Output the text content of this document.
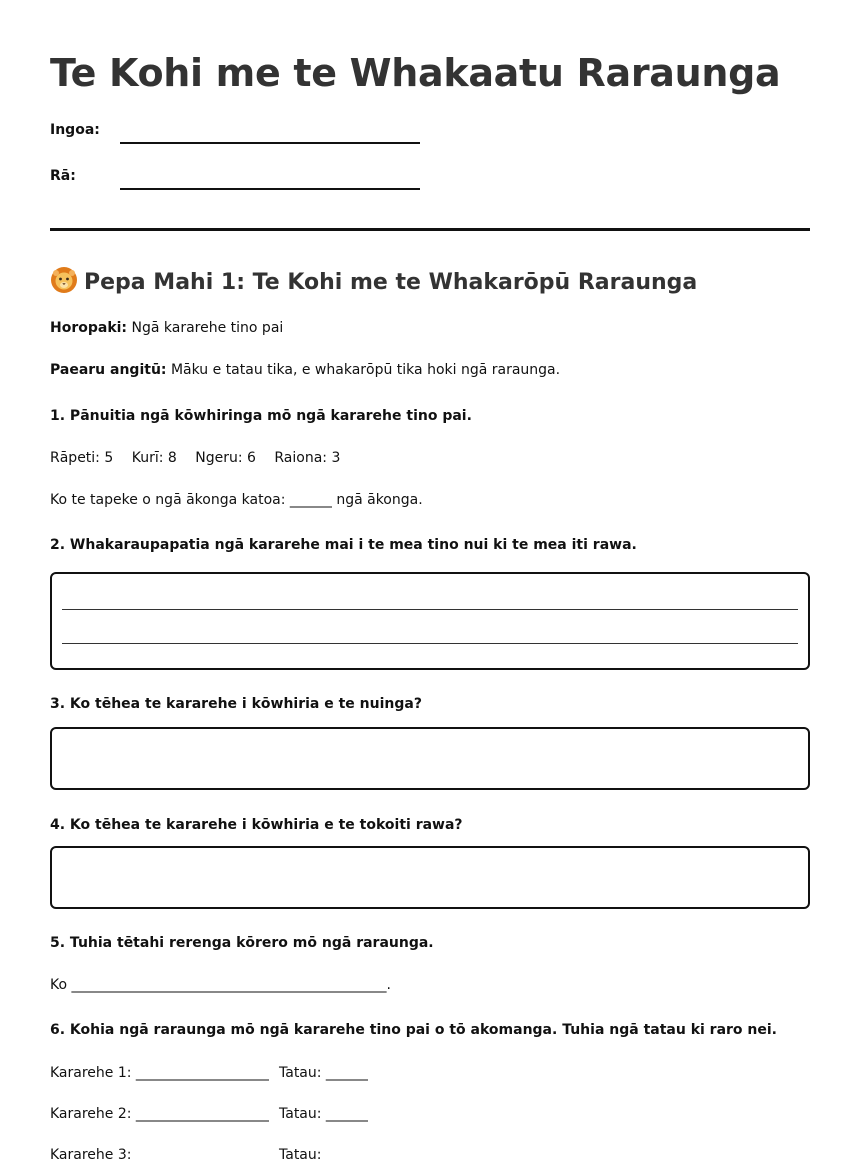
Te Kohi me te Whakaatu Raraunga
Ingoa:
Rā:
Pepa Mahi 1: Te Kohi me te Whakarōpū Raraunga
Horopaki: Ngā kararehe tino pai
Paearu angitū: Māku e tatau tika, e whakarōpū tika hoki ngā raraunga.
1. Pānuitia ngā kōwhiringa mō ngā kararehe tino pai.
Rāpeti: 5 Kurī: 8 Ngeru: 6 Raiona: 3
Ko te tapeke o ngā ākonga katoa: ______ ngā ākonga.
2. Whakaraupapatia ngā kararehe mai i te mea tino nui ki te mea iti rawa.
3. Ko tēhea te kararehe i kōwhiria e te nuinga?
4. Ko tēhea te kararehe i kōwhiria e te tokoiti rawa?
5. Tuhia tētahi rerenga kōrero mō ngā raraunga.
Ko _____________________________________________.
6. Kohia ngā raraunga mō ngā kararehe tino pai o tō akomanga. Tuhia ngā tatau ki raro nei.
Kararehe 1: ___________________ Tatau: ______
Kararehe 2: ___________________ Tatau: ______
Kararehe 3:	Tatau:
